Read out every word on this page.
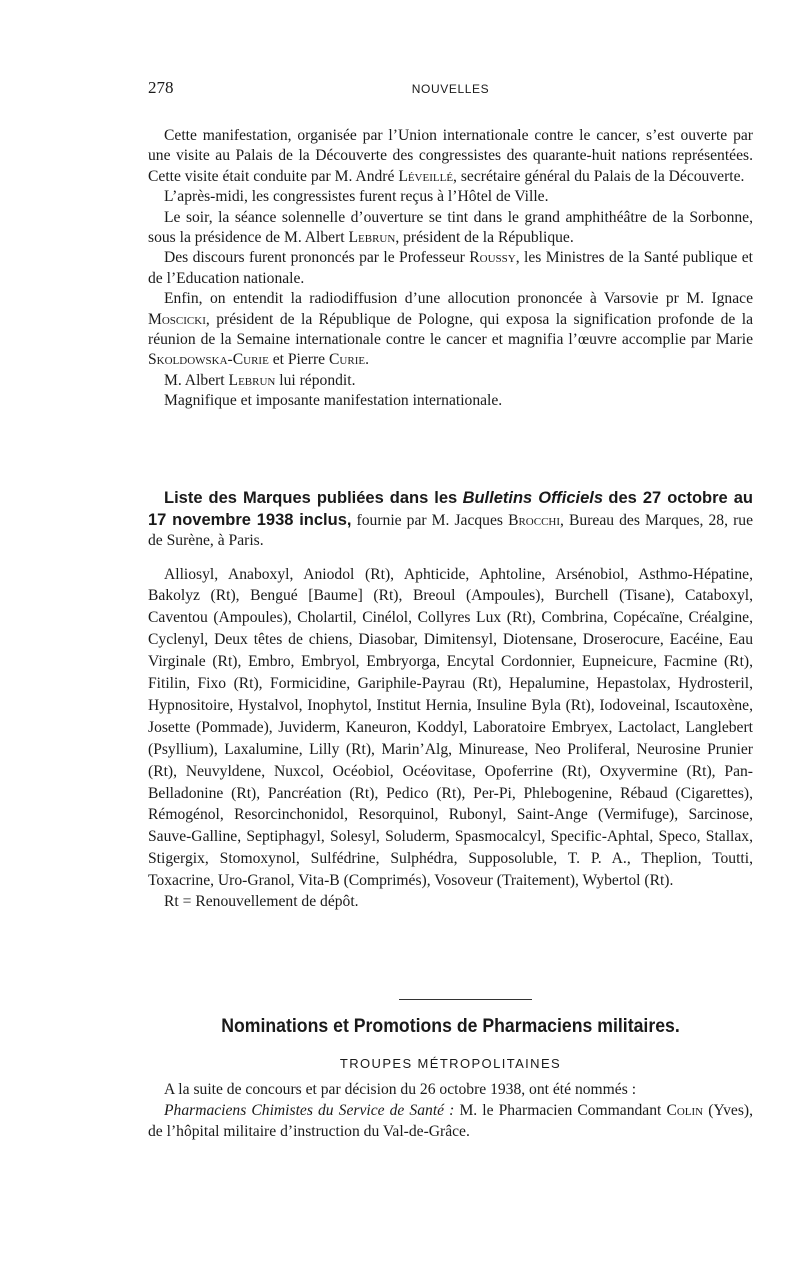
278	NOUVELLES

Cette manifestation, organisée par l’Union internationale contre le cancer, s’est ouverte par une visite au Palais de la Découverte des congressistes des quarante-huit nations représentées. Cette visite était conduite par M. André Léveillé, secrétaire général du Palais de la Découverte.

L’après-midi, les congressistes furent reçus à l’Hôtel de Ville.

Le soir, la séance solennelle d’ouverture se tint dans le grand amphithéâtre de la Sorbonne, sous la présidence de M. Albert Lebrun, président de la République.

Des discours furent prononcés par le Professeur Roussy, les Ministres de la Santé publique et de l’Education nationale.

Enfin, on entendit la radiodiffusion d’une allocution prononcée à Varsovie pr M. Ignace Moscicki, président de la République de Pologne, qui exposa la signification profonde de la réunion de la Semaine internationale contre le cancer et magnifia l’œuvre accomplie par Marie Skoldowska-Curie et Pierre Curie.

M. Albert Lebrun lui répondit.

Magnifique et imposante manifestation internationale.

Liste des Marques publiées dans les Bulletins Officiels des 27 octobre au 17 novembre 1938 inclus, fournie par M. Jacques Brocchi, Bureau des Marques, 28, rue de Surène, à Paris.

Alliosyl, Anaboxyl, Aniodol (Rt), Aphticide, Aphtoline, Arsénobiol, Asthmo-Hépatine, Bakolyz (Rt), Bengué [Baume] (Rt), Breoul (Ampoules), Burchell (Tisane), Cataboxyl, Caventou (Ampoules), Cholartil, Cinélol, Collyres Lux (Rt), Combrina, Copécaïne, Créalgine, Cyclenyl, Deux têtes de chiens, Diasobar, Dimitensyl, Diotensane, Droserocure, Eacéine, Eau Virginale (Rt), Embro, Embryol, Embryorga, Encytal Cordonnier, Eupneicure, Facmine (Rt), Fitilin, Fixo (Rt), Formicidine, Gariphile-Payrau (Rt), Hepalumine, Hepastolax, Hydrosteril, Hypnositoire, Hystalvol, Inophytol, Institut Hernia, Insuline Byla (Rt), Iodoveinal, Iscautoxène, Josette (Pommade), Juviderm, Kaneuron, Koddyl, Laboratoire Embryex, Lactolact, Langlebert (Psyllium), Laxalumine, Lilly (Rt), Marin’Alg, Minurease, Neo Proliferal, Neurosine Prunier (Rt), Neuvyldene, Nuxcol, Océobiol, Océovitase, Opoferrine (Rt), Oxyvermine (Rt), Pan-Belladonine (Rt), Pancréation (Rt), Pedico (Rt), Per-Pi, Phlebogenine, Rébaud (Cigarettes), Rémogénol, Resorcinchonidol, Resorquinol, Rubonyl, Saint-Ange (Vermifuge), Sarcinose, Sauve-Galline, Septiphagyl, Solesyl, Soluderm, Spasmocalcyl, Specific-Aphtal, Speco, Stallax, Stigergix, Stomoxynol, Sulfédrine, Sulphédra, Supposoluble, T. P. A., Theplion, Toutti, Toxacrine, Uro-Granol, Vita-B (Comprimés), Vosoveur (Traitement), Wybertol (Rt).

Rt = Renouvellement de dépôt.

Nominations et Promotions de Pharmaciens militaires.
TROUPES MÉTROPOLITAINES

A la suite de concours et par décision du 26 octobre 1938, ont été nommés :

Pharmaciens Chimistes du Service de Santé : M. le Pharmacien Commandant Colin (Yves), de l’hôpital militaire d’instruction du Val-de-Grâce.
